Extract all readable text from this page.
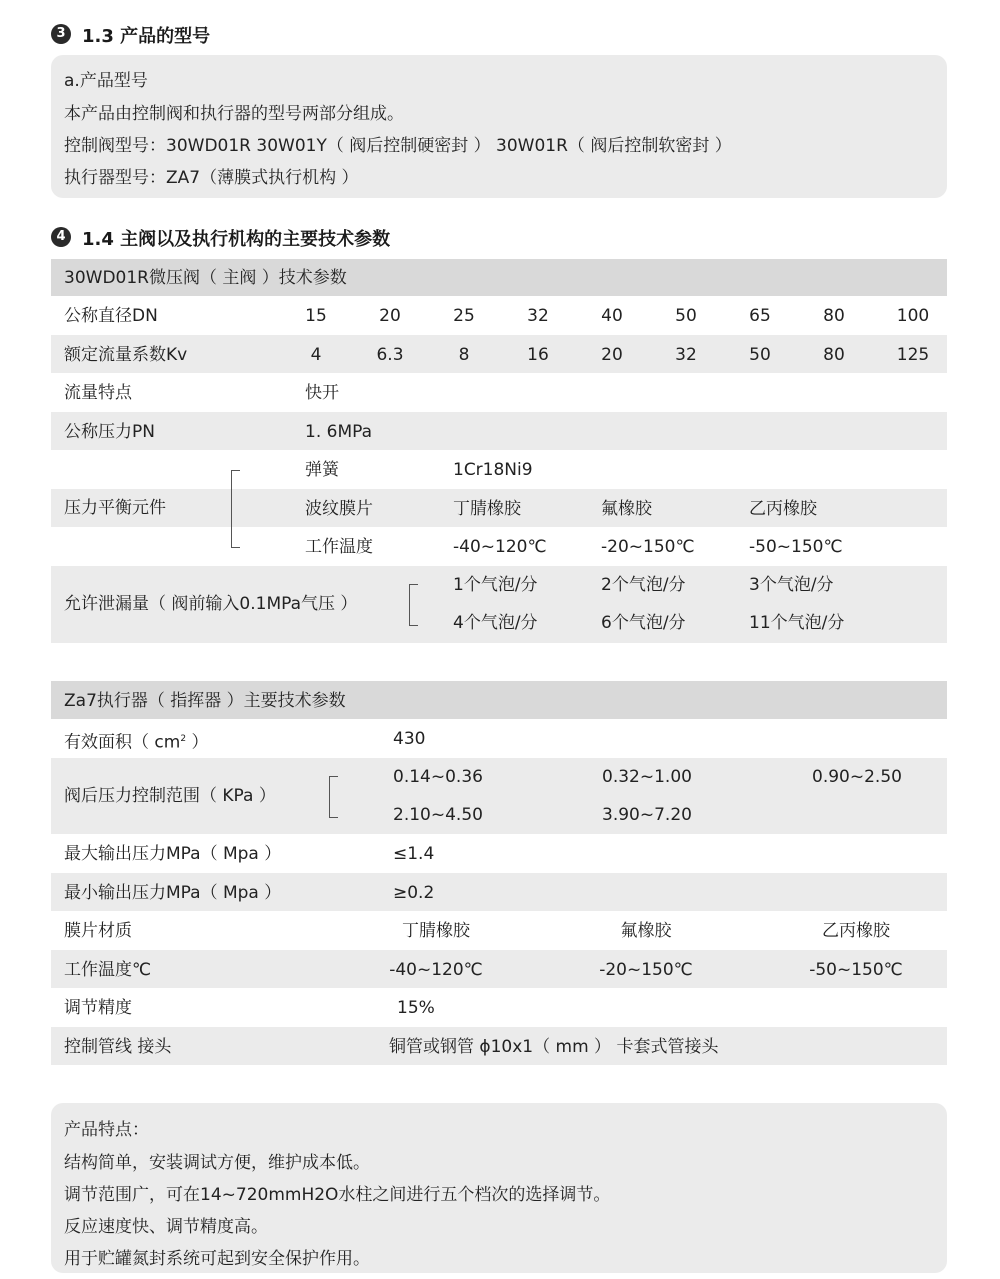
3 1.3 产品的型号
a.产品型号
本产品由控制阀和执行器的型号两部分组成。
控制阀型号：30WD01R 30W01Y（ 阀后控制硬密封 ） 30W01R（ 阀后控制软密封 ）
执行器型号：ZA7（薄膜式执行机构 ）
4 1.4 主阀以及执行机构的主要技术参数
30WD01R微压阀（ 主阀 ）技术参数
公称直径DN	15	20	25	32	40	50	65	80	100
额定流量系数Kv	4	6.3	8	16	20	32	50	80	125
流量特点	快开
公称压力PN	1. 6MPa
弹簧	1Cr18Ni9
波纹膜片	丁腈橡胶	氟橡胶	乙丙橡胶
工作温度	-40~120℃	-20~150℃	-50~150℃
压力平衡元件
允许泄漏量（ 阀前输入0.1MPa气压 ）
1个气泡/分	2个气泡/分	3个气泡/分
4个气泡/分	6个气泡/分	11个气泡/分
Za7执行器（ 指挥器 ）主要技术参数
有效面积（ $cm^2$ ）	430
阀后压力控制范围（ KPa ）
0.14~0.36	0.32~1.00	0.90~2.50
2.10~4.50	3.90~7.20
最大输出压力MPa（ Mpa ）	≤1.4
最小输出压力MPa（ Mpa ）	≥0.2
膜片材质	丁腈橡胶	氟橡胶	乙丙橡胶
工作温度℃	-40~120℃	-20~150℃	-50~150℃
调节精度	15%
控制管线 接头	铜管或钢管 ϕ10x1（ mm ） 卡套式管接头
产品特点：
结构简单，安装调试方便，维护成本低。
调节范围广，可在14~720mmH2O水柱之间进行五个档次的选择调节。
反应速度快、调节精度高。
用于贮罐氮封系统可起到安全保护作用。
